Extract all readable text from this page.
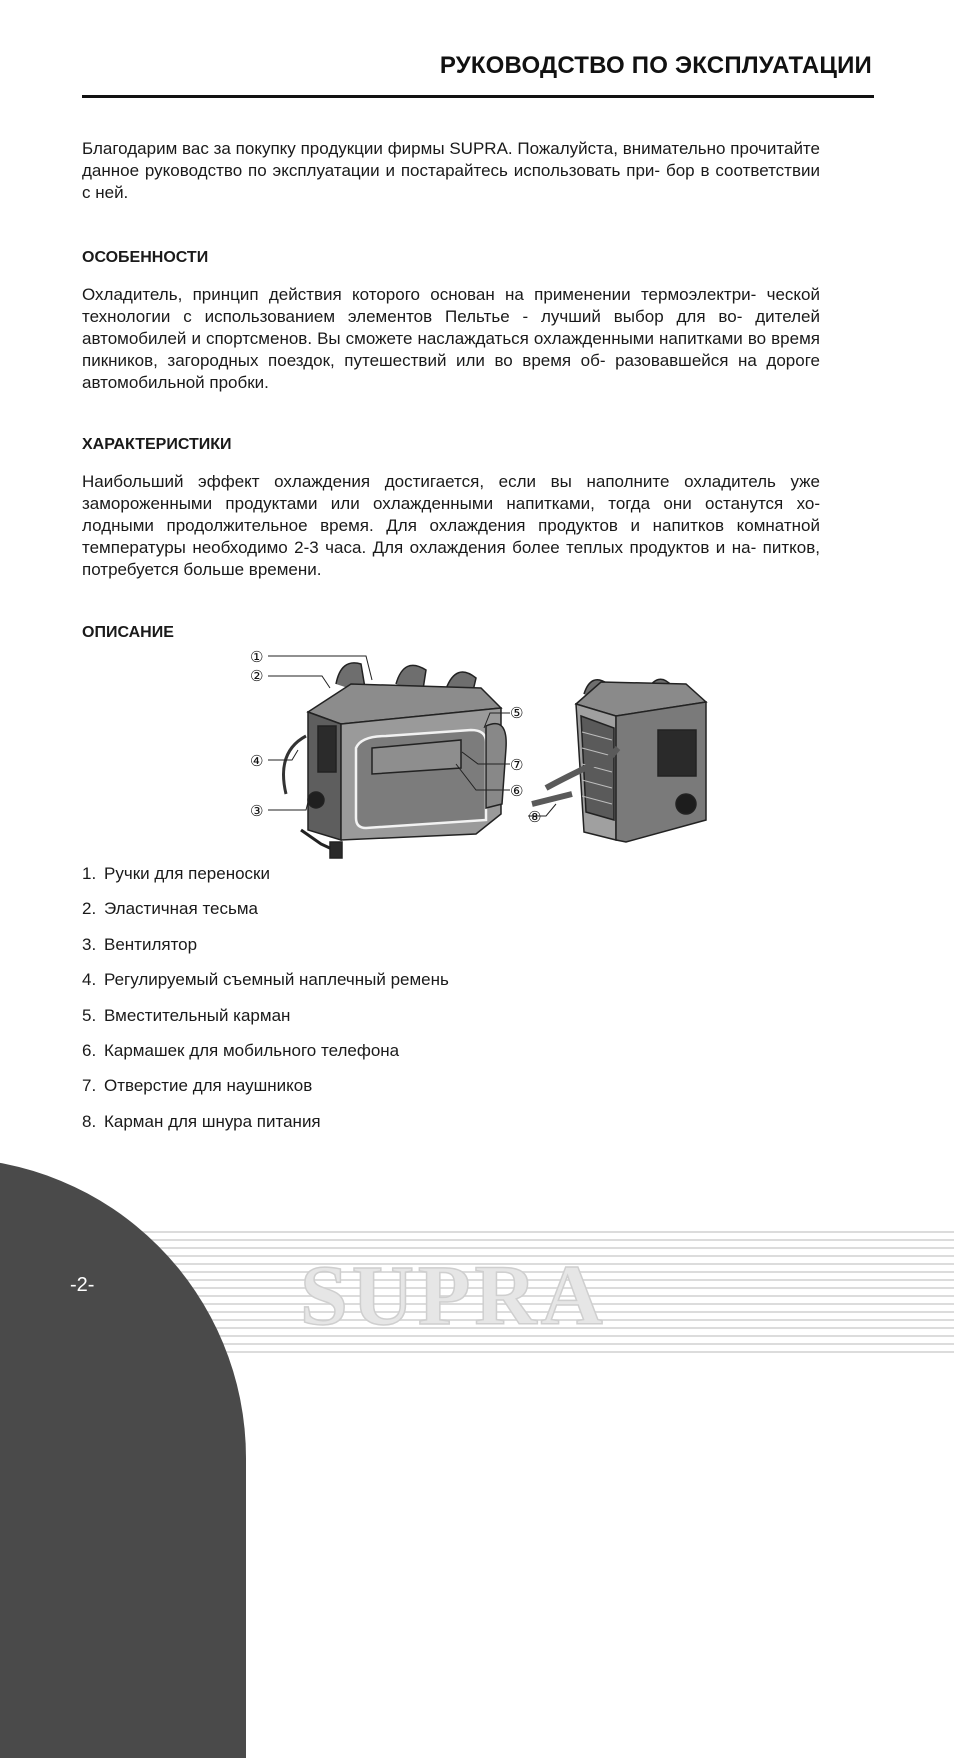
РУКОВОДСТВО ПО ЭКСПЛУАТАЦИИ

Благодарим вас за покупку продукции фирмы SUPRA. Пожалуйста, внимательно прочитайте данное руководство по эксплуатации и постарайтесь использовать при- бор в соответствии с ней.

ОСОБЕННОСТИ

Охладитель, принцип действия которого основан на применении термоэлектри- ческой технологии с использованием элементов Пельтье - лучший выбор для во- дителей автомобилей и спортсменов. Вы сможете наслаждаться охлажденными напитками во время пикников, загородных поездок, путешествий или во время об- разовавшейся на дороге автомобильной пробки.

ХАРАКТЕРИСТИКИ

Наибольший эффект охлаждения достигается, если вы наполните охладитель уже замороженными продуктами или охлажденными напитками, тогда они останутся хо- лодными продолжительное время. Для охлаждения продуктов и напитков комнатной температуры необходимо 2-3 часа. Для охлаждения более теплых продуктов и на- питков, потребуется больше времени.

ОПИСАНИЕ
①
②
③
④
⑤
⑥
⑦
⑧
1. Ручки для переноски
2. Эластичная тесьма
3. Вентилятор
4. Регулируемый съемный наплечный ремень
5. Вместительный карман
6. Кармашек для мобильного телефона
7. Отверстие для наушников
8. Карман для шнура питания
SUPRA
-2-
